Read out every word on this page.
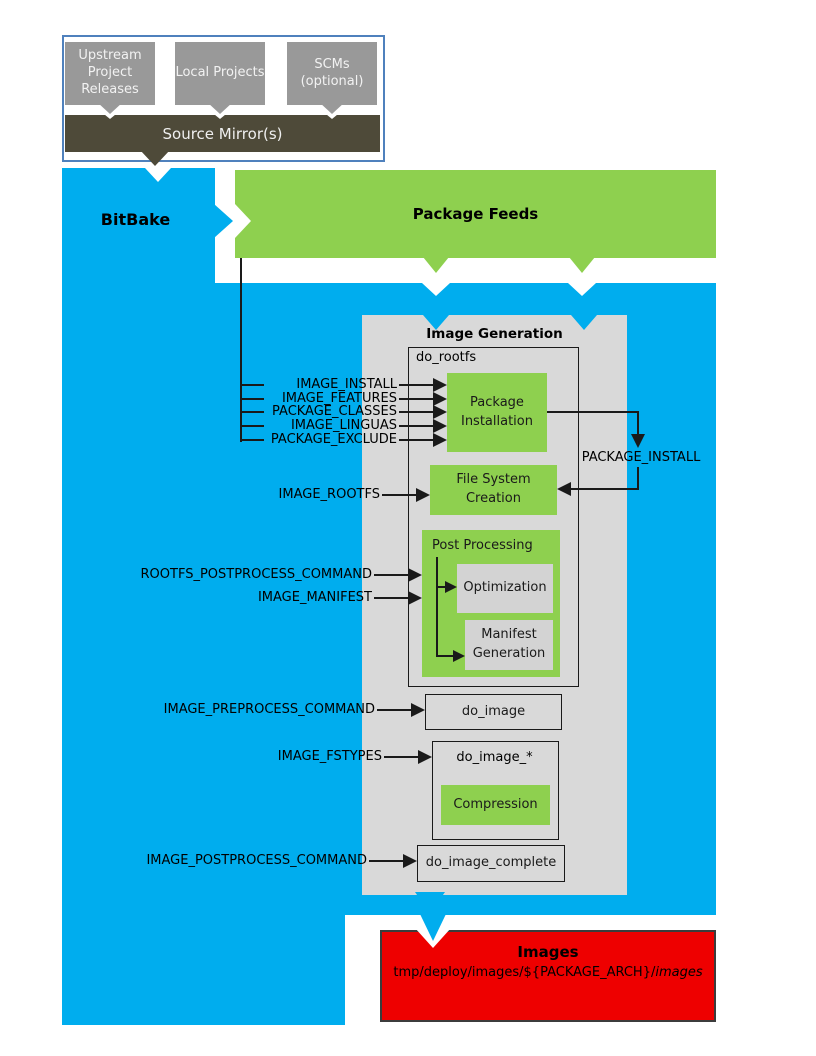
BitBake	Package Feeds
Upstream Project Releases
Local Projects
SCMs (optional)
Source Mirror(s)
Image Generation
do_rootfs
Package Installation
File System Creation
Post Processing
Optimization
Manifest Generation
do_image
do_image_*
Compression
do_image_complete
IMAGE_INSTALL
IMAGE_FEATURES
PACKAGE_CLASSES
IMAGE_LINGUAS
PACKAGE_EXCLUDE
PACKAGE_INSTALL
IMAGE_ROOTFS
ROOTFS_POSTPROCESS_COMMAND
IMAGE_MANIFEST
IMAGE_PREPROCESS_COMMAND
IMAGE_FSTYPES
IMAGE_POSTPROCESS_COMMAND
Images
tmp/deploy/images/${PACKAGE_ARCH}/images
